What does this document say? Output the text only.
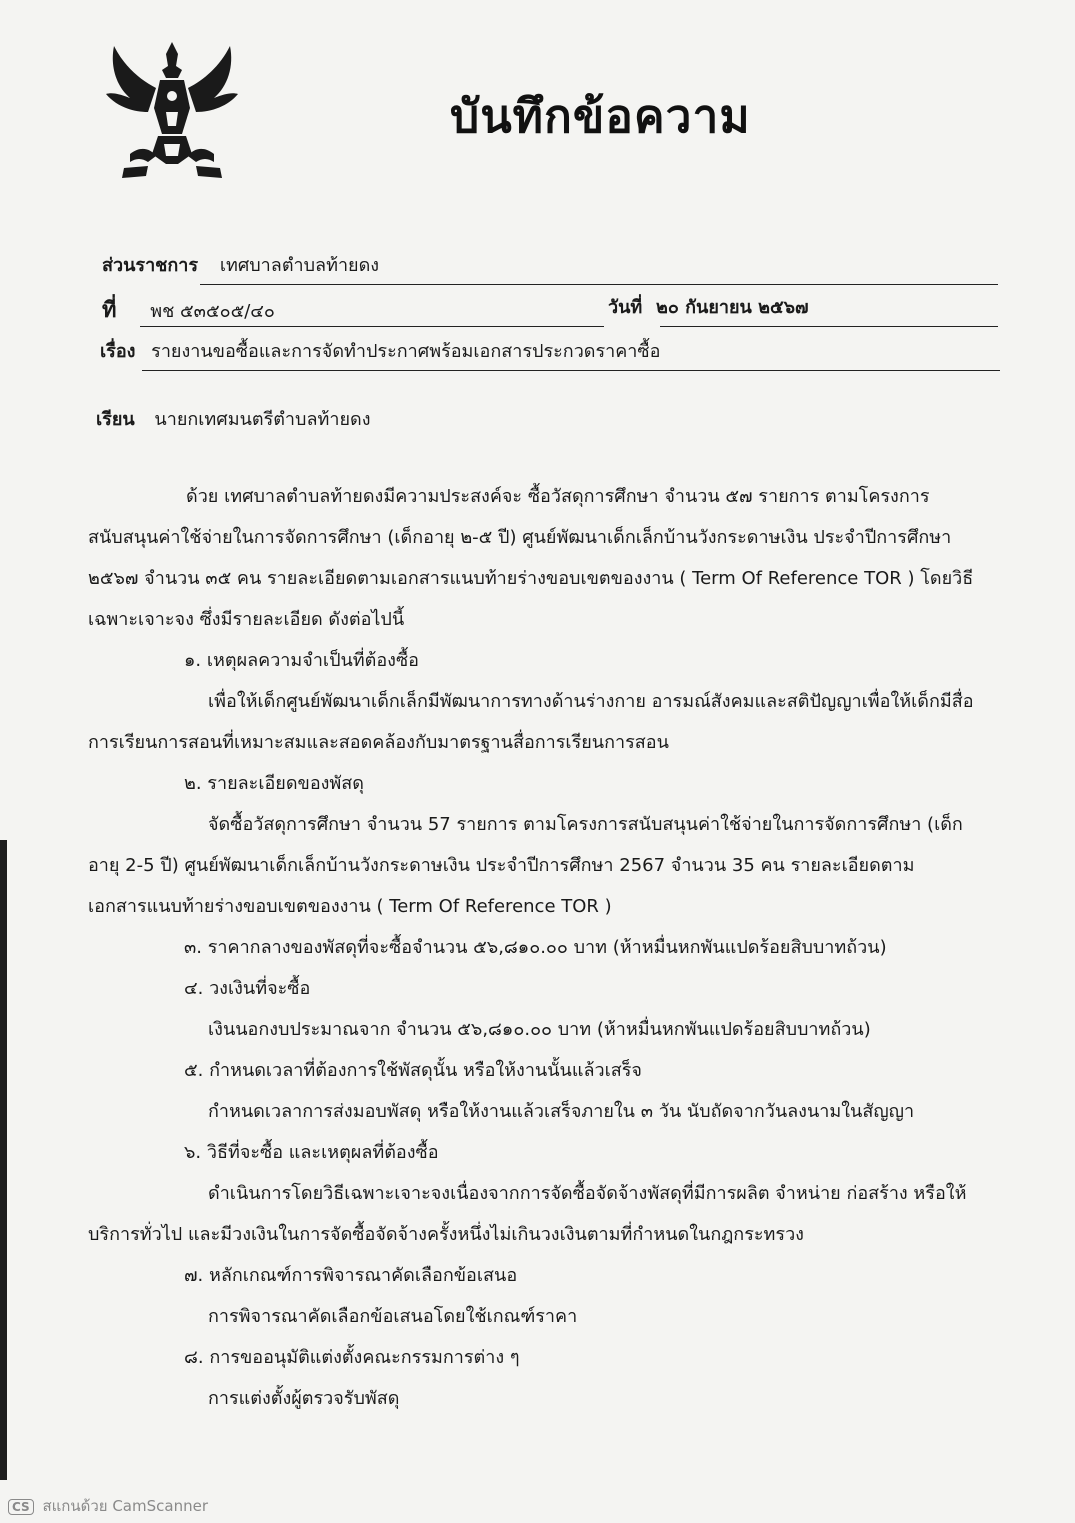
บันทึกข้อความ
ส่วนราชการ เทศบาลตำบลท้ายดง
ที่ พช ๕๓๕๐๕/๔๐	วันที่ ๒๐ กันยายน ๒๕๖๗
เรื่อง รายงานขอซื้อและการจัดทำประกาศพร้อมเอกสารประกวดราคาซื้อ
เรียน นายกเทศมนตรีตำบลท้ายดง
ด้วย เทศบาลตำบลท้ายดงมีความประสงค์จะ ซื้อวัสดุการศึกษา จำนวน ๕๗ รายการ ตามโครงการ
สนับสนุนค่าใช้จ่ายในการจัดการศึกษา (เด็กอายุ ๒-๕ ปี) ศูนย์พัฒนาเด็กเล็กบ้านวังกระดาษเงิน ประจำปีการศึกษา
๒๕๖๗ จำนวน ๓๕ คน รายละเอียดตามเอกสารแนบท้ายร่างขอบเขตของงาน ( Term Of Reference TOR ) โดยวิธี
เฉพาะเจาะจง ซึ่งมีรายละเอียด ดังต่อไปนี้
๑. เหตุผลความจำเป็นที่ต้องซื้อ
เพื่อให้เด็กศูนย์พัฒนาเด็กเล็กมีพัฒนาการทางด้านร่างกาย อารมณ์สังคมและสติปัญญาเพื่อให้เด็กมีสื่อ
การเรียนการสอนที่เหมาะสมและสอดคล้องกับมาตรฐานสื่อการเรียนการสอน
๒. รายละเอียดของพัสดุ
จัดซื้อวัสดุการศึกษา จำนวน 57 รายการ ตามโครงการสนับสนุนค่าใช้จ่ายในการจัดการศึกษา (เด็ก
อายุ 2-5 ปี) ศูนย์พัฒนาเด็กเล็กบ้านวังกระดาษเงิน ประจำปีการศึกษา 2567 จำนวน 35 คน รายละเอียดตาม
เอกสารแนบท้ายร่างขอบเขตของงาน ( Term Of Reference TOR )
๓. ราคากลางของพัสดุที่จะซื้อจำนวน ๕๖,๘๑๐.๐๐ บาท (ห้าหมื่นหกพันแปดร้อยสิบบาทถ้วน)
๔. วงเงินที่จะซื้อ
เงินนอกงบประมาณจาก จำนวน ๕๖,๘๑๐.๐๐ บาท (ห้าหมื่นหกพันแปดร้อยสิบบาทถ้วน)
๕. กำหนดเวลาที่ต้องการใช้พัสดุนั้น หรือให้งานนั้นแล้วเสร็จ
กำหนดเวลาการส่งมอบพัสดุ หรือให้งานแล้วเสร็จภายใน ๓ วัน นับถัดจากวันลงนามในสัญญา
๖. วิธีที่จะซื้อ และเหตุผลที่ต้องซื้อ
ดำเนินการโดยวิธีเฉพาะเจาะจงเนื่องจากการจัดซื้อจัดจ้างพัสดุที่มีการผลิต จำหน่าย ก่อสร้าง หรือให้
บริการทั่วไป และมีวงเงินในการจัดซื้อจัดจ้างครั้งหนึ่งไม่เกินวงเงินตามที่กำหนดในกฎกระทรวง
๗. หลักเกณฑ์การพิจารณาคัดเลือกข้อเสนอ
การพิจารณาคัดเลือกข้อเสนอโดยใช้เกณฑ์ราคา
๘. การขออนุมัติแต่งตั้งคณะกรรมการต่าง ๆ
การแต่งตั้งผู้ตรวจรับพัสดุ
CS สแกนด้วย CamScanner
